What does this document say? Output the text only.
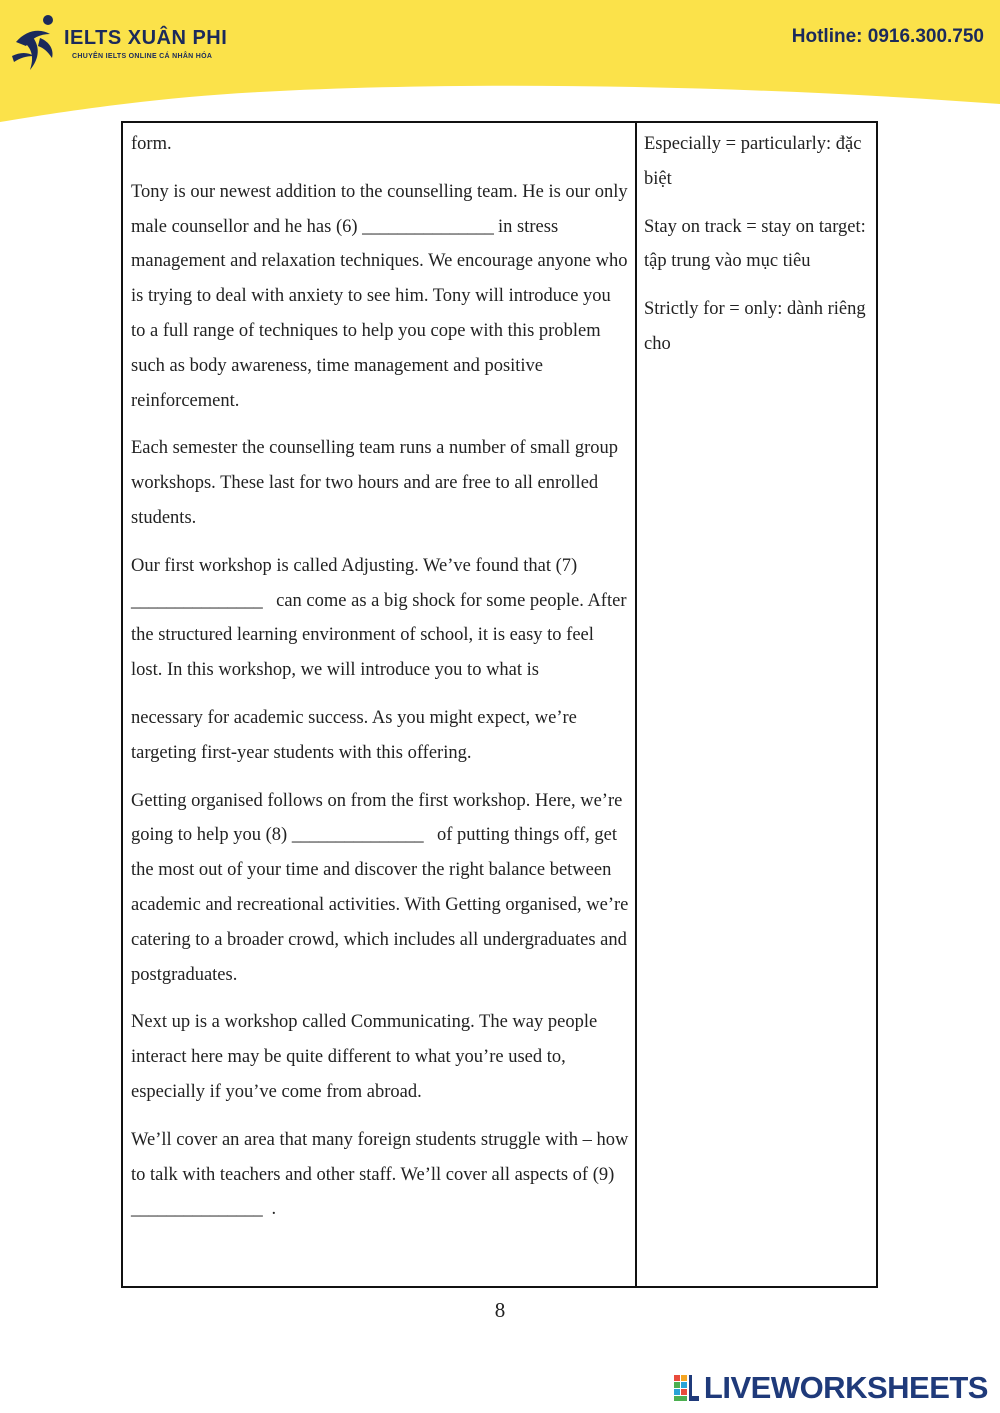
IELTS XUÂN PHI
CHUYÊN IELTS ONLINE CÁ NHÂN HÓA
Hotline: 0916.300.750

form.

Tony is our newest addition to the counselling team. He is our only male counsellor and he has (6) _______________ in stress management and relaxation techniques. We encourage anyone who is trying to deal with anxiety to see him. Tony will introduce you to a full range of techniques to help you cope with this problem such as body awareness, time management and positive reinforcement.

Each semester the counselling team runs a number of small group workshops. These last for two hours and are free to all enrolled students.

Our first workshop is called Adjusting. We’ve found that (7) _______________   can come as a big shock for some people. After the structured learning environment of school, it is easy to feel lost. In this workshop, we will introduce you to what is

necessary for academic success. As you might expect, we’re targeting first-year students with this offering.

Getting organised follows on from the first workshop. Here, we’re going to help you (8) _______________   of putting things off, get the most out of your time and discover the right balance between academic and recreational activities. With Getting organised, we’re catering to a broader crowd, which includes all undergraduates and postgraduates.

Next up is a workshop called Communicating. The way people interact here may be quite different to what you’re used to, especially if you’ve come from abroad.

We’ll cover an area that many foreign students struggle with – how to talk with teachers and other staff. We’ll cover all aspects of (9) _______________  .

Especially = particularly: đặc biệt

Stay on track = stay on target: tập trung vào mục tiêu

Strictly for = only: dành riêng cho

8
LIVEWORKSHEETS
